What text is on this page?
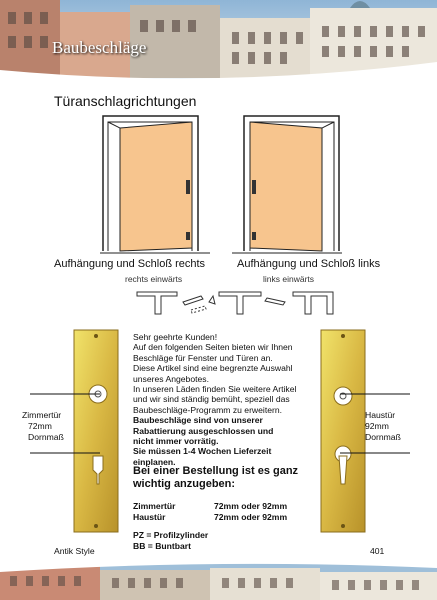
Baubeschläge
Türanschlagrichtungen
Aufhängung und Schloß rechts	Aufhängung und Schloß links
rechts einwärts	links einwärts
Zimmertür
72mm
Dornmaß
Haustür
92mm
Dornmaß
Sehr geehrte Kunden!
Auf den folgenden Seiten bieten wir Ihnen
Beschläge für Fenster und Türen an.
Diese Artikel sind eine begrenzte Auswahl
unseres Angebotes.
In unseren Läden finden Sie weitere Artikel
und wir sind ständig bemüht, speziell das
Baubeschläge-Programm zu erweitern.
Baubeschläge sind von unserer
Rabattierung ausgeschlossen und
nicht immer vorrätig.
Sie müssen 1-4 Wochen Lieferzeit
einplanen.
Bei einer Bestellung ist es ganz
wichtig anzugeben:
Zimmertür	72mm oder 92mm
Haustür	72mm oder 92mm
PZ = Profilzylinder
BB = Buntbart
Antik Style	401
